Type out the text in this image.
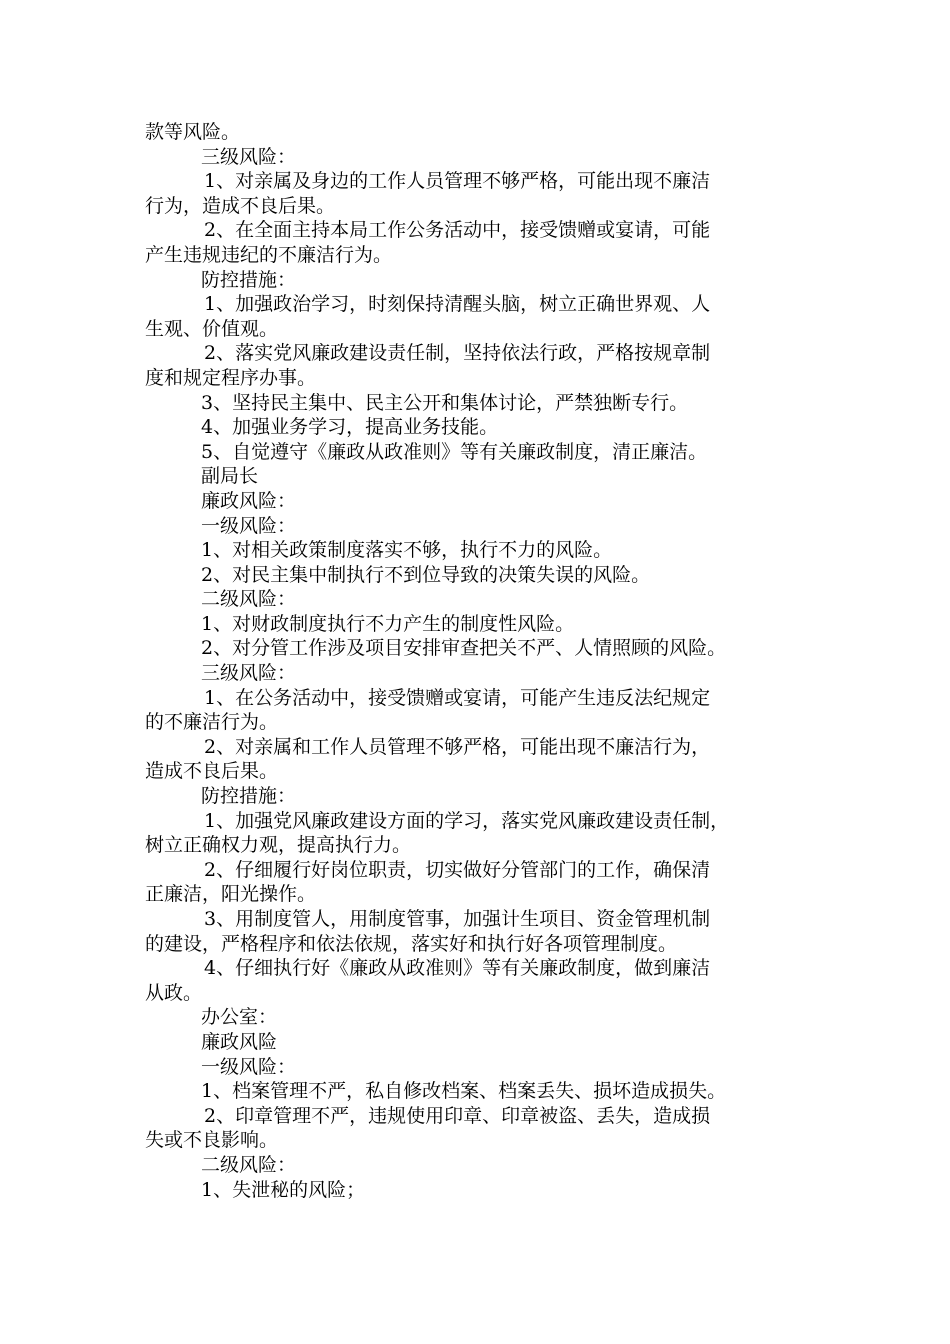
款等风险。
三级风险：
1、对亲属及身边的工作人员管理不够严格，可能出现不廉洁
行为，造成不良后果。
2、在全面主持本局工作公务活动中，接受馈赠或宴请，可能
产生违规违纪的不廉洁行为。
防控措施：
1、加强政治学习，时刻保持清醒头脑，树立正确世界观、人
生观、价值观。
2、落实党风廉政建设责任制，坚持依法行政，严格按规章制
度和规定程序办事。
3、坚持民主集中、民主公开和集体讨论，严禁独断专行。
4、加强业务学习，提高业务技能。
5、自觉遵守《廉政从政准则》等有关廉政制度，清正廉洁。
副局长
廉政风险：
一级风险：
1、对相关政策制度落实不够，执行不力的风险。
2、对民主集中制执行不到位导致的决策失误的风险。
二级风险：
1、对财政制度执行不力产生的制度性风险。
2、对分管工作涉及项目安排审查把关不严、人情照顾的风险。
三级风险：
1、在公务活动中，接受馈赠或宴请，可能产生违反法纪规定
的不廉洁行为。
2、对亲属和工作人员管理不够严格，可能出现不廉洁行为，
造成不良后果。
防控措施：
1、加强党风廉政建设方面的学习，落实党风廉政建设责任制，
树立正确权力观，提高执行力。
2、仔细履行好岗位职责，切实做好分管部门的工作，确保清
正廉洁，阳光操作。
3、用制度管人，用制度管事，加强计生项目、资金管理机制
的建设，严格程序和依法依规，落实好和执行好各项管理制度。
4、仔细执行好《廉政从政准则》等有关廉政制度，做到廉洁
从政。
办公室：
廉政风险
一级风险：
1、档案管理不严，私自修改档案、档案丢失、损坏造成损失。
2、印章管理不严，违规使用印章、印章被盗、丢失，造成损
失或不良影响。
二级风险：
1、失泄秘的风险；
